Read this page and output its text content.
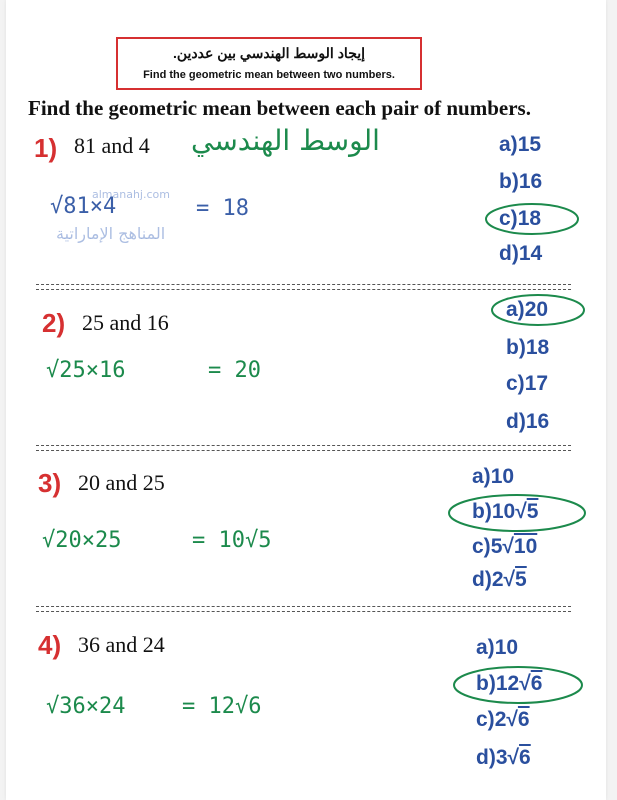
إيجاد الوسط الهندسي بين عددين.
Find the geometric mean between two numbers.
Find the geometric mean between each pair of numbers.
1) 81 and 4 الوسط الهندسي
√81×4	= 18
almanahj.com
المناهج الإماراتية
a)15
b)16
c)18
d)14
2) 25 and 16
√25×16	= 20
a)20
b)18
c)17
d)16
3) 20 and 25
√20×25	= 10√5
a)10
b)10√5
c)5√10
d)2√5
4) 36 and 24
√36×24	= 12√6
a)10
b)12√6
c)2√6
d)3√6
